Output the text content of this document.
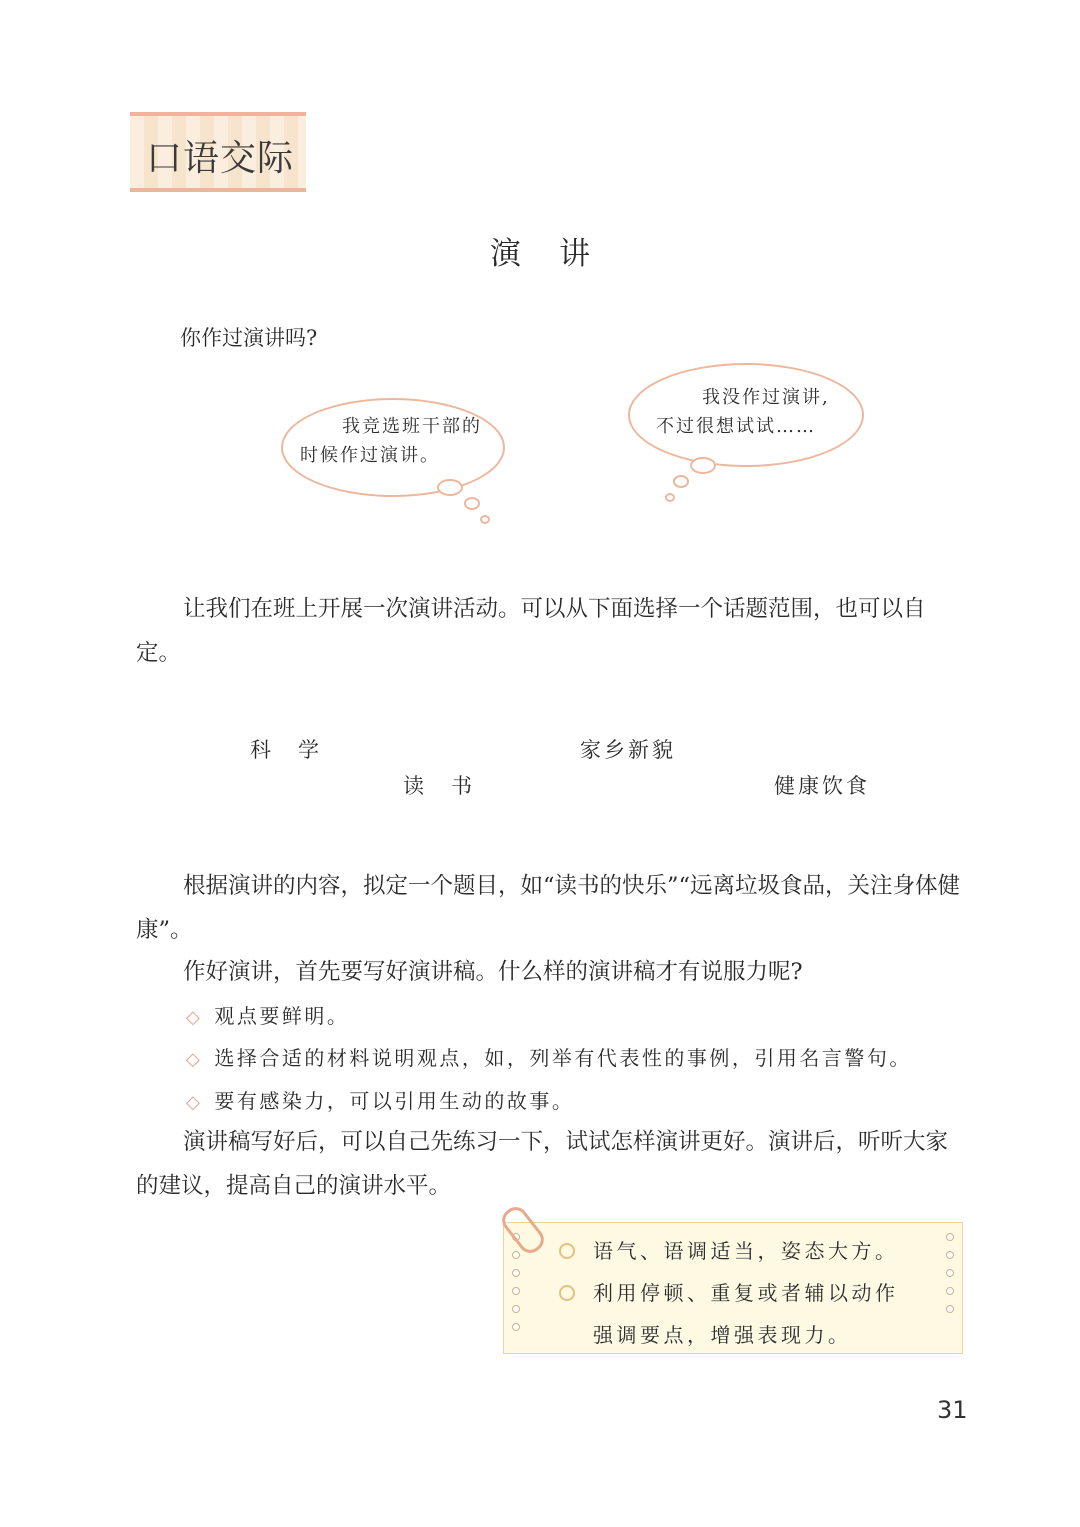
口语交际
演讲
你作过演讲吗?
我竞选班干部的
时候作过演讲。
我没作过演讲,
不过很想试试……
让我们在班上开展一次演讲活动。可以从下面选择一个话题范围，也可以自定。
科　学	家乡新貌
读　书	健康饮食
根据演讲的内容，拟定一个题目，如“读书的快乐”“远离垃圾食品，关注身体健康”。
作好演讲，首先要写好演讲稿。什么样的演讲稿才有说服力呢?
◇ 观点要鲜明。
◇ 选择合适的材料说明观点，如，列举有代表性的事例，引用名言警句。
◇ 要有感染力，可以引用生动的故事。
演讲稿写好后，可以自己先练习一下，试试怎样演讲更好。演讲后，听听大家的建议，提高自己的演讲水平。
语气、语调适当，姿态大方。
利用停顿、重复或者辅以动作
强调要点，增强表现力。
31
